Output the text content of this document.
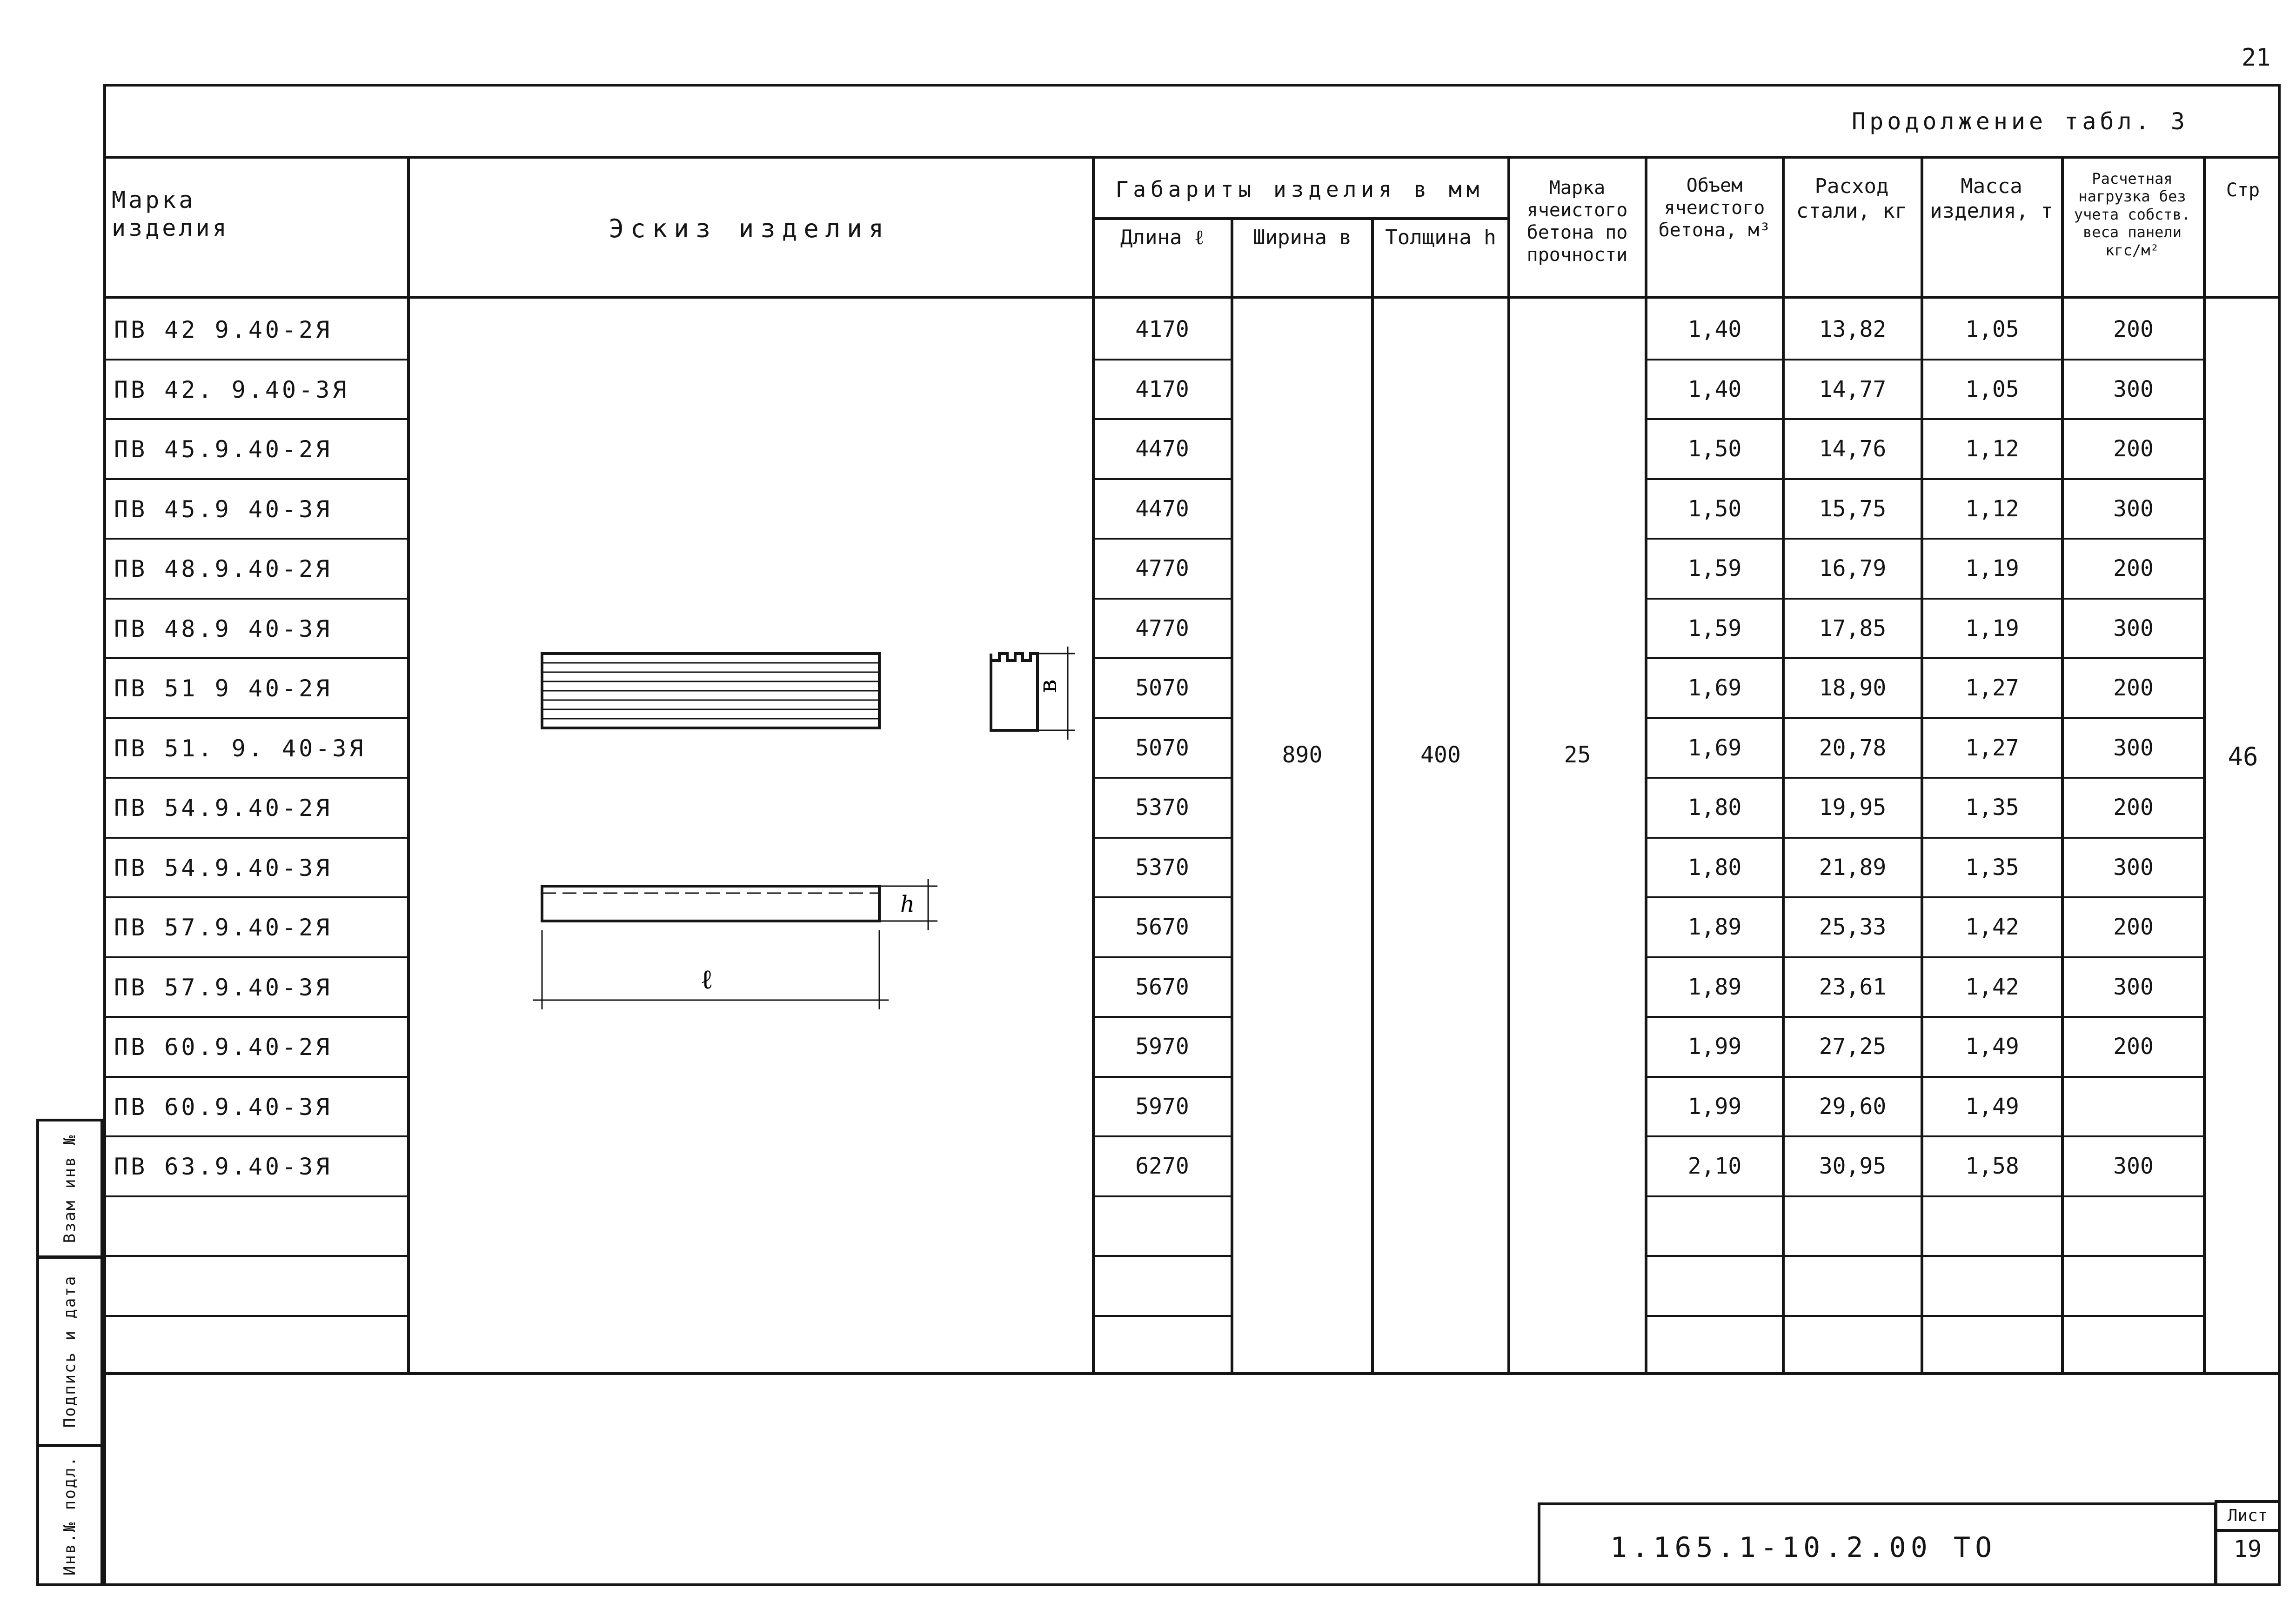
21
Продолжение табл. 3
Марка изделия	Эскиз изделия
Габариты изделия в мм
Длина ℓ	Ширина в	Толщина h
Марка ячеистого бетона по прочности
Объем ячеистого бетона, м³
Расход стали, кг
Масса изделия, т
Расчетная нагрузка без учета собств. веса панели кгс/м²
Стр
ПВ 42 9.40-2Я	4170	1,40	13,82	1,05	200
ПВ 42. 9.40-3Я	4170	1,40	14,77	1,05	300
ПВ 45.9.40-2Я	4470	1,50	14,76	1,12	200
ПВ 45.9 40-3Я	4470	1,50	15,75	1,12	300
ПВ 48.9.40-2Я	4770	1,59	16,79	1,19	200
ПВ 48.9 40-3Я	4770	1,59	17,85	1,19	300
ПВ 51 9 40-2Я	5070	1,69	18,90	1,27	200
ПВ 51. 9. 40-3Я	5070	1,69	20,78	1,27	300
ПВ 54.9.40-2Я	5370	1,80	19,95	1,35	200
ПВ 54.9.40-3Я	5370	1,80	21,89	1,35	300
ПВ 57.9.40-2Я	5670	1,89	25,33	1,42	200
ПВ 57.9.40-3Я	5670	1,89	23,61	1,42	300
ПВ 60.9.40-2Я	5970	1,99	27,25	1,49	200
ПВ 60.9.40-3Я	5970	1,99	29,60	1,49
ПВ 63.9.40-3Я	6270	2,10	30,95	1,58	300
890	400	25	46
в
h
ℓ
Взам инв №
Подпись и дата
Инв.№ подл.	1.165.1-10.2.00 ТО
Лист
19
